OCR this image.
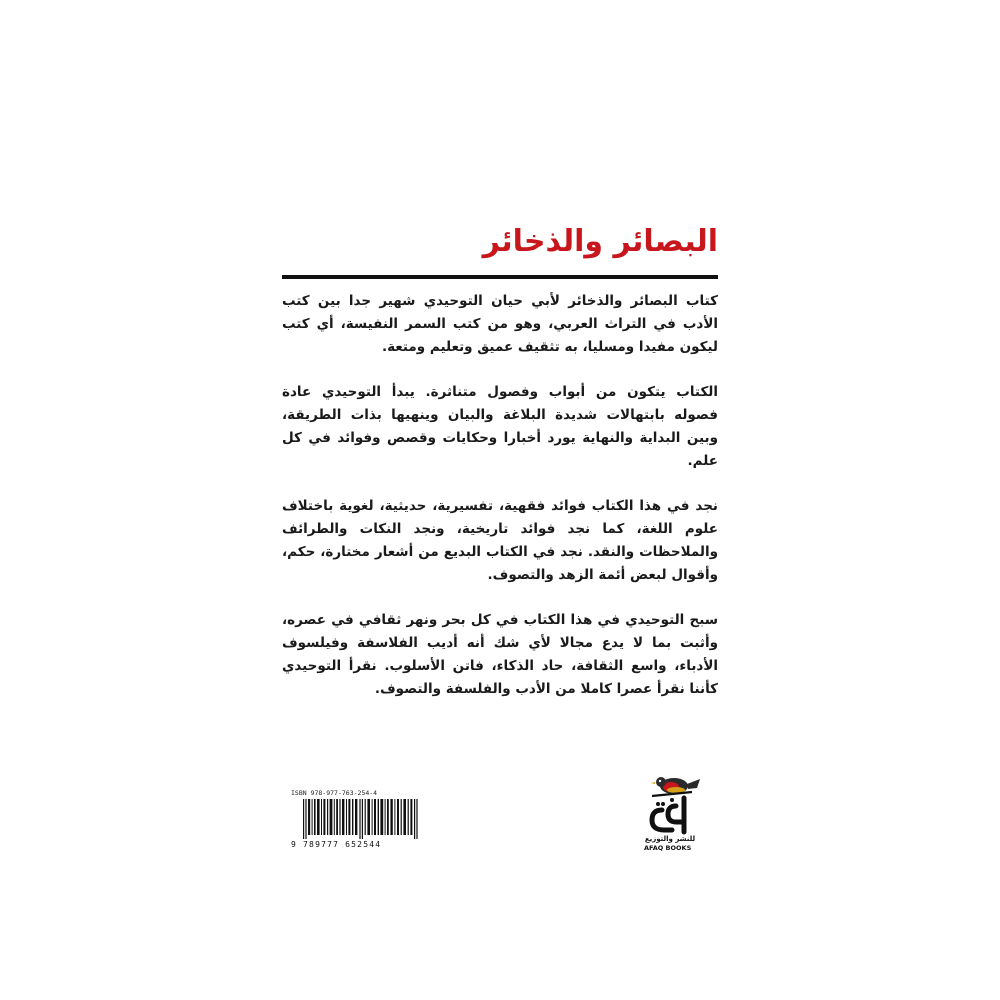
البصائر والذخائر

كتاب البصائر والذخائر لأبي حيان التوحيدي شهير جدا بين كتب الأدب في التراث العربي، وهو من كتب السمر النفيسة، أي كتب ليكون مفيدا ومسليا، به تثقيف عميق وتعليم ومتعة.

الكتاب يتكون من أبواب وفصول متناثرة. يبدأ التوحيدي عادة فصوله بابتهالات شديدة البلاغة والبيان وينهيها بذات الطريقة، وبين البداية والنهاية يورد أخبارا وحكايات وقصص وفوائد في كل علم.

نجد في هذا الكتاب فوائد فقهية، تفسيرية، حديثية، لغوية باختلاف علوم اللغة، كما نجد فوائد تاريخية، ونجد النكات والطرائف والملاحظات والنقد. نجد في الكتاب البديع من أشعار مختارة، حكم، وأقوال لبعض أئمة الزهد والتصوف.

سبح التوحيدي في هذا الكتاب في كل بحر ونهر ثقافي في عصره، وأثبت بما لا يدع مجالا لأي شك أنه أديب الفلاسفة وفيلسوف الأدباء، واسع الثقافة، حاد الذكاء، فاتن الأسلوب. نقرأ التوحيدي كأننا نقرأ عصرا كاملا من الأدب والفلسفة والتصوف.

ISBN 978-977-763-254-4
9 789777 652544
للنشر والتوزيع
AFAQ BOOKS
